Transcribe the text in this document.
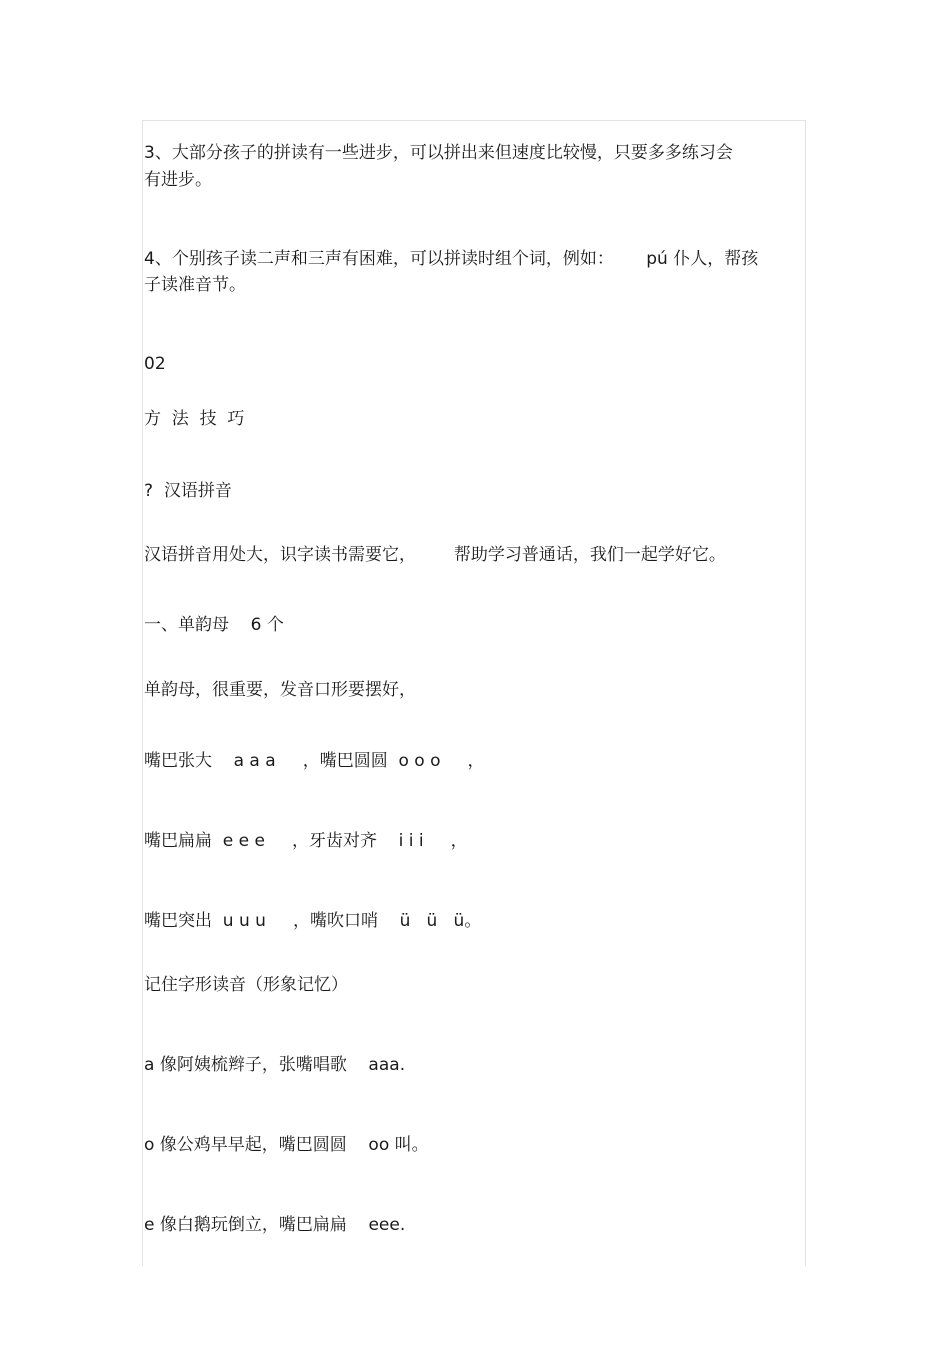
3、大部分孩子的拼读有一些进步，可以拼出来但速度比较慢，只要多多练习会
有进步。
4、个别孩子读二声和三声有困难，可以拼读时组个词，例如：      pú 仆人，帮孩
子读准音节。
02
方  法  技  巧
?  汉语拼音
汉语拼音用处大，识字读书需要它，       帮助学习普通话，我们一起学好它。
一、单韵母    6 个
单韵母，很重要，发音口形要摆好，
嘴巴张大    a a a     ，嘴巴圆圆  o o o     ，
嘴巴扁扁  e e e     ，牙齿对齐    i i i     ，
嘴巴突出  u u u     ，嘴吹口哨    ü   ü   ü。
记住字形读音（形象记忆）
a 像阿姨梳辫子，张嘴唱歌    aaa.
o 像公鸡早早起，嘴巴圆圆    oo 叫。
e 像白鹅玩倒立，嘴巴扁扁    eee.
